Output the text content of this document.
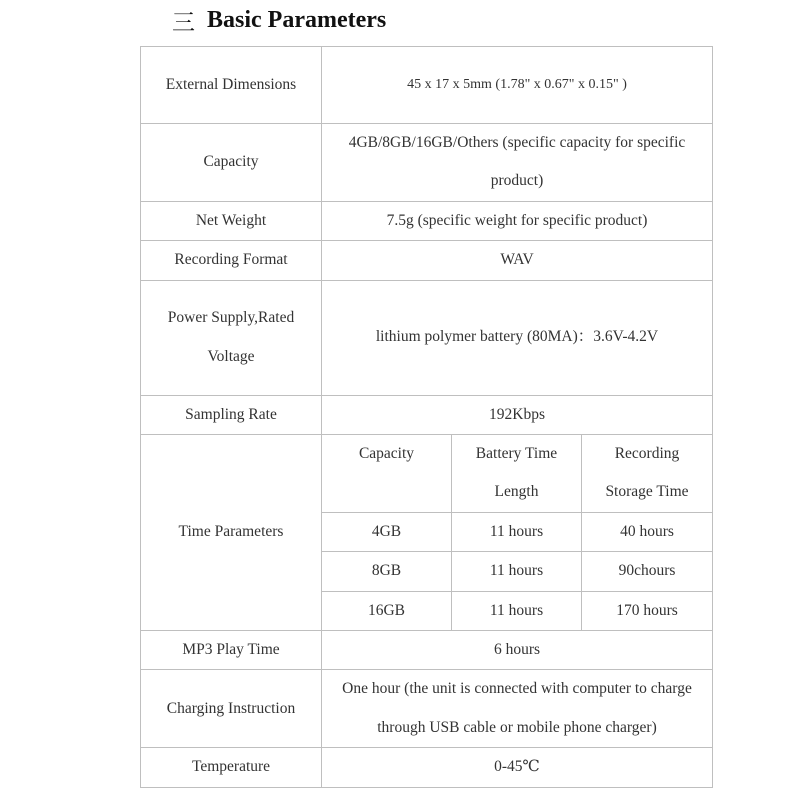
三 Basic Parameters
External Dimensions	45 x 17 x 5mm (1.78" x 0.67" x 0.15" )		
Capacity	4GB/8GB/16GB/Others (specific capacity for specific product)		
Net Weight	7.5g (specific weight for specific product)		
Recording Format	WAV		
Power Supply,Rated Voltage	lithium polymer battery (80MA)：3.6V-4.2V		
Sampling Rate	192Kbps		
Time Parameters	Capacity	Battery Time Length	Recording Storage Time
	4GB	11 hours	40 hours
	8GB	11 hours	90chours
	16GB	11 hours	170 hours
MP3 Play Time	6 hours		
Charging Instruction	One hour (the unit is connected with computer to charge through USB cable or mobile phone charger)		
Temperature	0-45℃		
